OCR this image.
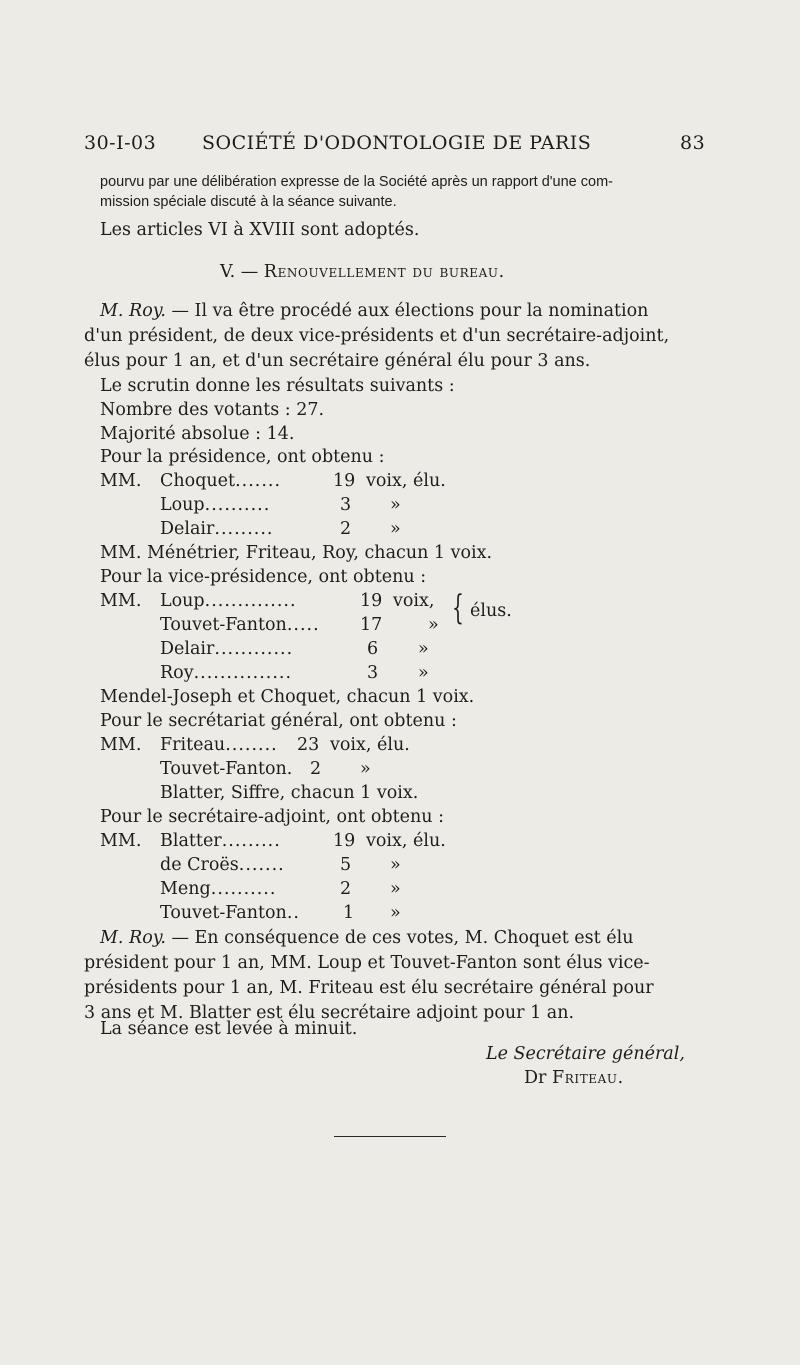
30-I-03 SOCIÉTÉ D'ODONTOLOGIE DE PARIS	83
pourvu par une délibération expresse de la Société après un rapport d'une com-
mission spéciale discuté à la séance suivante.
Les articles VI à XVIII sont adoptés.
V. — Renouvellement du bureau.
M. Roy. — Il va être procédé aux élections pour la nomination
d'un président, de deux vice-présidents et d'un secrétaire-adjoint,
élus pour 1 an, et d'un secrétaire général élu pour 3 ans.
Le scrutin donne les résultats suivants :
Nombre des votants : 27.
Majorité absolue : 14.
Pour la présidence, ont obtenu :
MM. Choquet.......	19 voix, élu.
Loup..........	3 »
Delair.........	2 »
MM. Ménétrier, Friteau, Roy, chacun 1 voix.
Pour la vice-présidence, ont obtenu :
MM. Loup..............	19 voix,
Touvet-Fanton..... 17	» { élus.
Delair............	6 »
Roy...............	3 »
Mendel-Joseph et Choquet, chacun 1 voix.
Pour le secrétariat général, ont obtenu :
MM. Friteau........ 23 voix, élu.
Touvet-Fanton. 2 »
Blatter, Siffre, chacun 1 voix.
Pour le secrétaire-adjoint, ont obtenu :
MM. Blatter.........	19 voix, élu.
de Croës.......	5 »
Meng..........	2 »
Touvet-Fanton.. 1 »
M. Roy. — En conséquence de ces votes, M. Choquet est élu
président pour 1 an, MM. Loup et Touvet-Fanton sont élus vice-
présidents pour 1 an, M. Friteau est élu secrétaire général pour
3 ans et M. Blatter est élu secrétaire adjoint pour 1 an.
La séance est levée à minuit.
Le Secrétaire général,
Dr Friteau.
